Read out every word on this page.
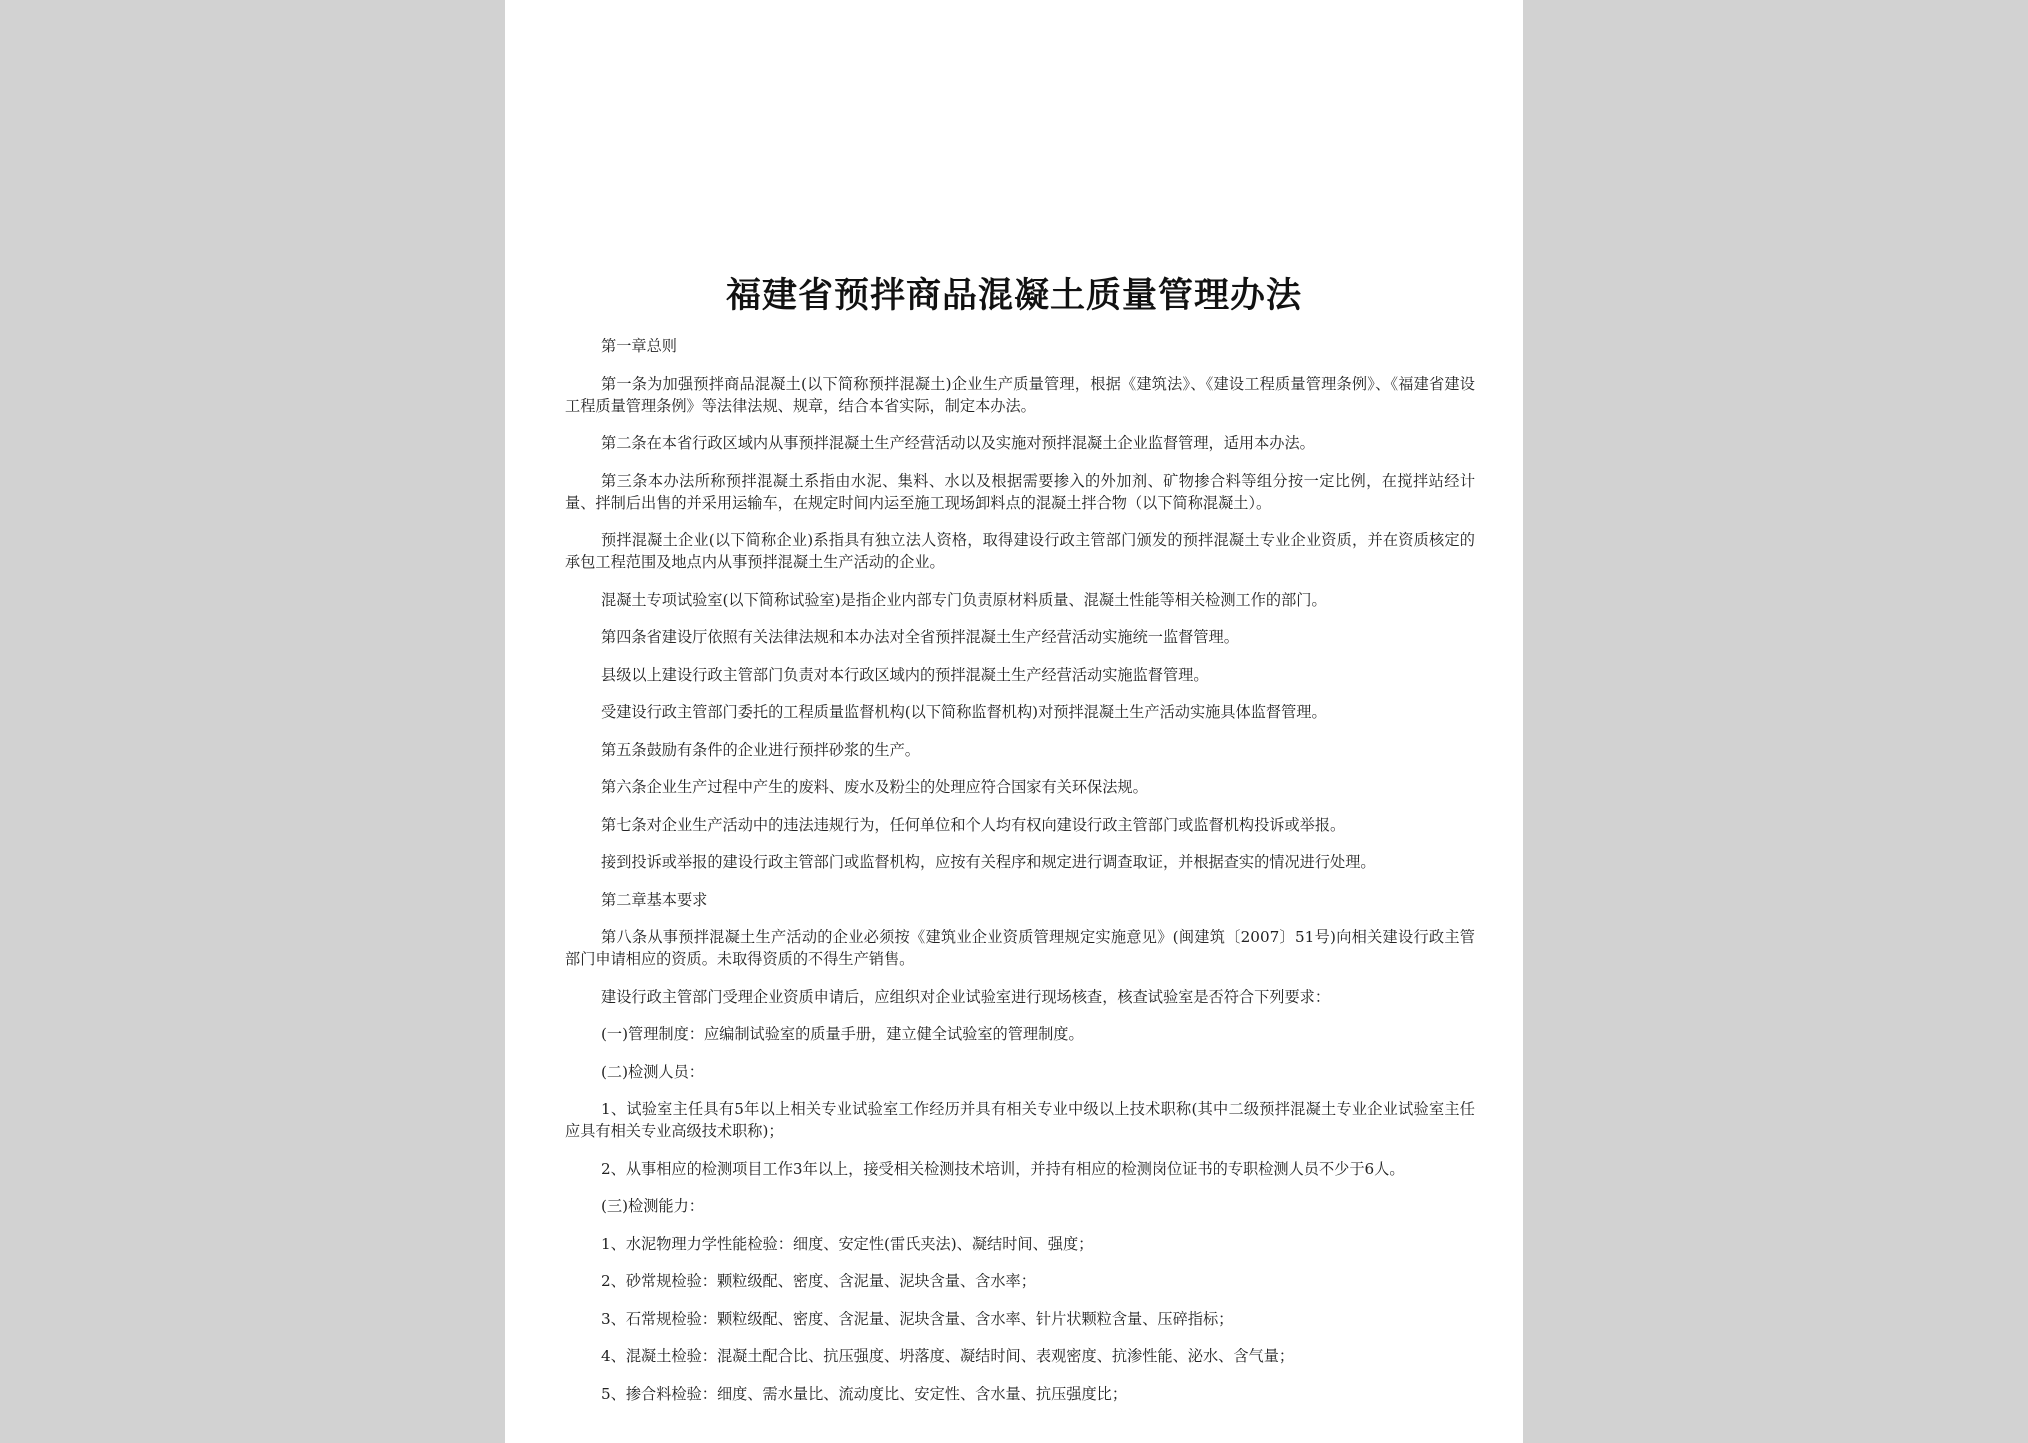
福建省预拌商品混凝土质量管理办法

第一章总则

第一条为加强预拌商品混凝土(以下简称预拌混凝土)企业生产质量管理，根据《建筑法》、《建设工程质量管理条例》、《福建省建设工程质量管理条例》等法律法规、规章，结合本省实际，制定本办法。

第二条在本省行政区域内从事预拌混凝土生产经营活动以及实施对预拌混凝土企业监督管理，适用本办法。

第三条本办法所称预拌混凝土系指由水泥、集料、水以及根据需要掺入的外加剂、矿物掺合料等组分按一定比例，在搅拌站经计量、拌制后出售的并采用运输车，在规定时间内运至施工现场卸料点的混凝土拌合物（以下简称混凝土）。

预拌混凝土企业(以下简称企业)系指具有独立法人资格，取得建设行政主管部门颁发的预拌混凝土专业企业资质，并在资质核定的承包工程范围及地点内从事预拌混凝土生产活动的企业。

混凝土专项试验室(以下简称试验室)是指企业内部专门负责原材料质量、混凝土性能等相关检测工作的部门。

第四条省建设厅依照有关法律法规和本办法对全省预拌混凝土生产经营活动实施统一监督管理。

县级以上建设行政主管部门负责对本行政区域内的预拌混凝土生产经营活动实施监督管理。

受建设行政主管部门委托的工程质量监督机构(以下简称监督机构)对预拌混凝土生产活动实施具体监督管理。

第五条鼓励有条件的企业进行预拌砂浆的生产。

第六条企业生产过程中产生的废料、废水及粉尘的处理应符合国家有关环保法规。

第七条对企业生产活动中的违法违规行为，任何单位和个人均有权向建设行政主管部门或监督机构投诉或举报。

接到投诉或举报的建设行政主管部门或监督机构，应按有关程序和规定进行调查取证，并根据查实的情况进行处理。

第二章基本要求

第八条从事预拌混凝土生产活动的企业必须按《建筑业企业资质管理规定实施意见》(闽建筑〔2007〕51号)向相关建设行政主管部门申请相应的资质。未取得资质的不得生产销售。

建设行政主管部门受理企业资质申请后，应组织对企业试验室进行现场核查，核查试验室是否符合下列要求：

(一)管理制度：应编制试验室的质量手册，建立健全试验室的管理制度。

(二)检测人员：

1、试验室主任具有5年以上相关专业试验室工作经历并具有相关专业中级以上技术职称(其中二级预拌混凝土专业企业试验室主任应具有相关专业高级技术职称)；

2、从事相应的检测项目工作3年以上，接受相关检测技术培训，并持有相应的检测岗位证书的专职检测人员不少于6人。

(三)检测能力：

1、水泥物理力学性能检验：细度、安定性(雷氏夹法)、凝结时间、强度；

2、砂常规检验：颗粒级配、密度、含泥量、泥块含量、含水率；

3、石常规检验：颗粒级配、密度、含泥量、泥块含量、含水率、针片状颗粒含量、压碎指标；

4、混凝土检验：混凝土配合比、抗压强度、坍落度、凝结时间、表观密度、抗渗性能、泌水、含气量；

5、掺合料检验：细度、需水量比、流动度比、安定性、含水量、抗压强度比；
